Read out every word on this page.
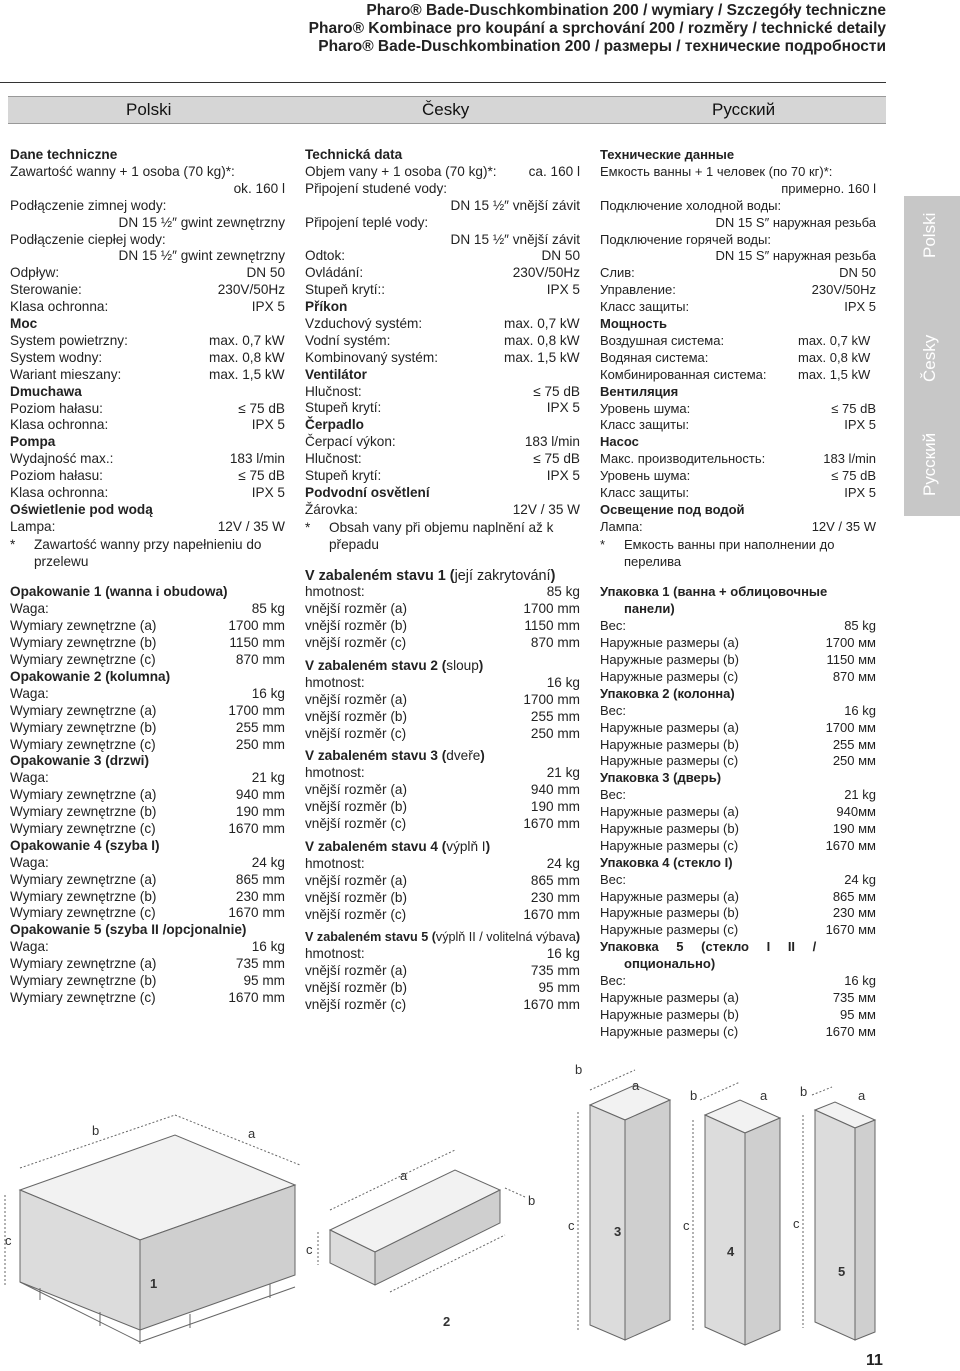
Pharo® Bade-Duschkombination 200 / wymiary / Szczegóły techniczne
Pharo® Kombinace pro koupání a sprchování 200 / rozměry / technické detaily
Pharo® Bade-Duschkombination 200 / размеры / технические подробности
Polski	Česky	Русский
Polski
Česky
Русский
Dane techniczne
Zawartość wanny + 1 osoba (70 kg)*:
ok. 160 l
Podłączenie zimnej wody:
DN 15 ½″ gwint zewnętrzny
Podłączenie ciepłej wody:
DN 15 ½″ gwint zewnętrzny
Odpływ:	DN 50
Sterowanie:	230V/50Hz
Klasa ochronna:	IPX 5
Moc
System powietrzny:	max. 0,7 kW
System wodny:	max. 0,8 kW
Wariant mieszany:	max. 1,5 kW
Dmuchawa
Poziom hałasu:	≤ 75 dB
Klasa ochronna:	IPX 5
Pompa
Wydajność max.:	183 l/min
Poziom hałasu:	≤ 75 dB
Klasa ochronna:	IPX 5
Oświetlenie pod wodą
Lampa:	12V / 35 W
*	Zawartość wanny przy napełnieniu do przelewu
Opakowanie 1 (wanna i obudowa)
Waga:	85 kg
Wymiary zewnętrzne (a)	1700 mm
Wymiary zewnętrzne (b)	1150 mm
Wymiary zewnętrzne (c)	870 mm
Opakowanie 2 (kolumna)
Waga:	16 kg
Wymiary zewnętrzne (a)	1700 mm
Wymiary zewnętrzne (b)	255 mm
Wymiary zewnętrzne (c)	250 mm
Opakowanie 3 (drzwi)
Waga:	21 kg
Wymiary zewnętrzne (a)	940 mm
Wymiary zewnętrzne (b)	190 mm
Wymiary zewnętrzne (c)	1670 mm
Opakowanie 4 (szyba I)
Waga:	24 kg
Wymiary zewnętrzne (a)	865 mm
Wymiary zewnętrzne (b)	230 mm
Wymiary zewnętrzne (c)	1670 mm
Opakowanie 5 (szyba II /opcjonalnie)
Waga:	16 kg
Wymiary zewnętrzne (a)	735 mm
Wymiary zewnętrzne (b)	95 mm
Wymiary zewnętrzne (c)	1670 mm
Technická data
Objem vany + 1 osoba (70 kg)*: ca. 160 l
Připojení studené vody:
DN 15 ½″ vnější závit
Připojení teplé vody:
DN 15 ½″ vnější závit
Odtok:	DN 50
Ovládání:	230V/50Hz
Stupeň krytí::	IPX 5
Příkon
Vzduchový systém:	max. 0,7 kW
Vodní systém:	max. 0,8 kW
Kombinovaný systém:	max. 1,5 kW
Ventilátor
Hlučnost:	≤ 75 dB
Stupeň krytí:	IPX 5
Čerpadlo
Čerpací výkon:	183 l/min
Hlučnost:	≤ 75 dB
Stupeň krytí:	IPX 5
Podvodní osvětlení
Žárovka:	12V / 35 W
*	Obsah vany při objemu naplnění až k přepadu
V zabaleném stavu 1 (její zakrytování)
hmotnost:	85 kg
vnější rozměr (a)	1700 mm
vnější rozměr (b)	1150 mm
vnější rozměr (c)	870 mm
V zabaleném stavu 2 (sloup)
hmotnost:	16 kg
vnější rozměr (a)	1700 mm
vnější rozměr (b)	255 mm
vnější rozměr (c)	250 mm
V zabaleném stavu 3 (dveře)
hmotnost:	21 kg
vnější rozměr (a)	940 mm
vnější rozměr (b)	190 mm
vnější rozměr (c)	1670 mm
V zabaleném stavu 4 (výplň I)
hmotnost:	24 kg
vnější rozměr (a)	865 mm
vnější rozměr (b)	230 mm
vnější rozměr (c)	1670 mm
V zabaleném stavu 5 (výplň II / volitelná výbava)
hmotnost:	16 kg
vnější rozměr (a)	735 mm
vnější rozměr (b)	95 mm
vnější rozměr (c)	1670 mm
Технические данные
Емкость ванны + 1 человек (по 70 кг)*:
примерно. 160 l
Подключение холодной воды:
DN 15 S″ наружная резьба
Подключение горячей воды:
DN 15 S″ наружная резьба
Слив:	DN 50
Управление:	230V/50Hz
Класс защиты:	IPX 5
Мощность
Воздушная система:	max. 0,7 kW
Водяная система:	max. 0,8 kW
Комбинированная система: max. 1,5 kW
Вентиляция
Уровень шума:	≤ 75 dB
Класс защиты:	IPX 5
Насос
Макс. производительность:	183 l/min
Уровень шума:	≤ 75 dB
Класс защиты:	IPX 5
Освещение под водой
Лампа:	12V / 35 W
*	Емкость ванны при наполнении до перелива
Упаковка 1 (ванна + облицовочные
панели)
Вес:	85 kg
Наружные размеры (a)	1700 мм
Наружные размеры (b)	1150 мм
Наружные размеры (c)	870 мм
Упаковка 2 (колонна)
Вес:	16 kg
Наружные размеры (a)	1700 мм
Наружные размеры (b)	255 мм
Наружные размеры (c)	250 мм
Упаковка 3 (дверь)
Вес:	21 kg
Наружные размеры (a)	940мм
Наружные размеры (b)	190 мм
Наружные размеры (c)	1670 мм
Упаковка 4 (стекло I)
Вес:	24 kg
Наружные размеры (a)	865 мм
Наружные размеры (b)	230 мм
Наружные размеры (c)	1670 мм
Упаковка 5 (стекло I II /
опционально)
Вес:	16 kg
Наружные размеры (a)	735 мм
Наружные размеры (b)	95 мм
Наружные размеры (c)	1670 мм
1
2
3
4
5
b	a
c
a
b
c
b
a
c
b	a
c
b	a
c
11
